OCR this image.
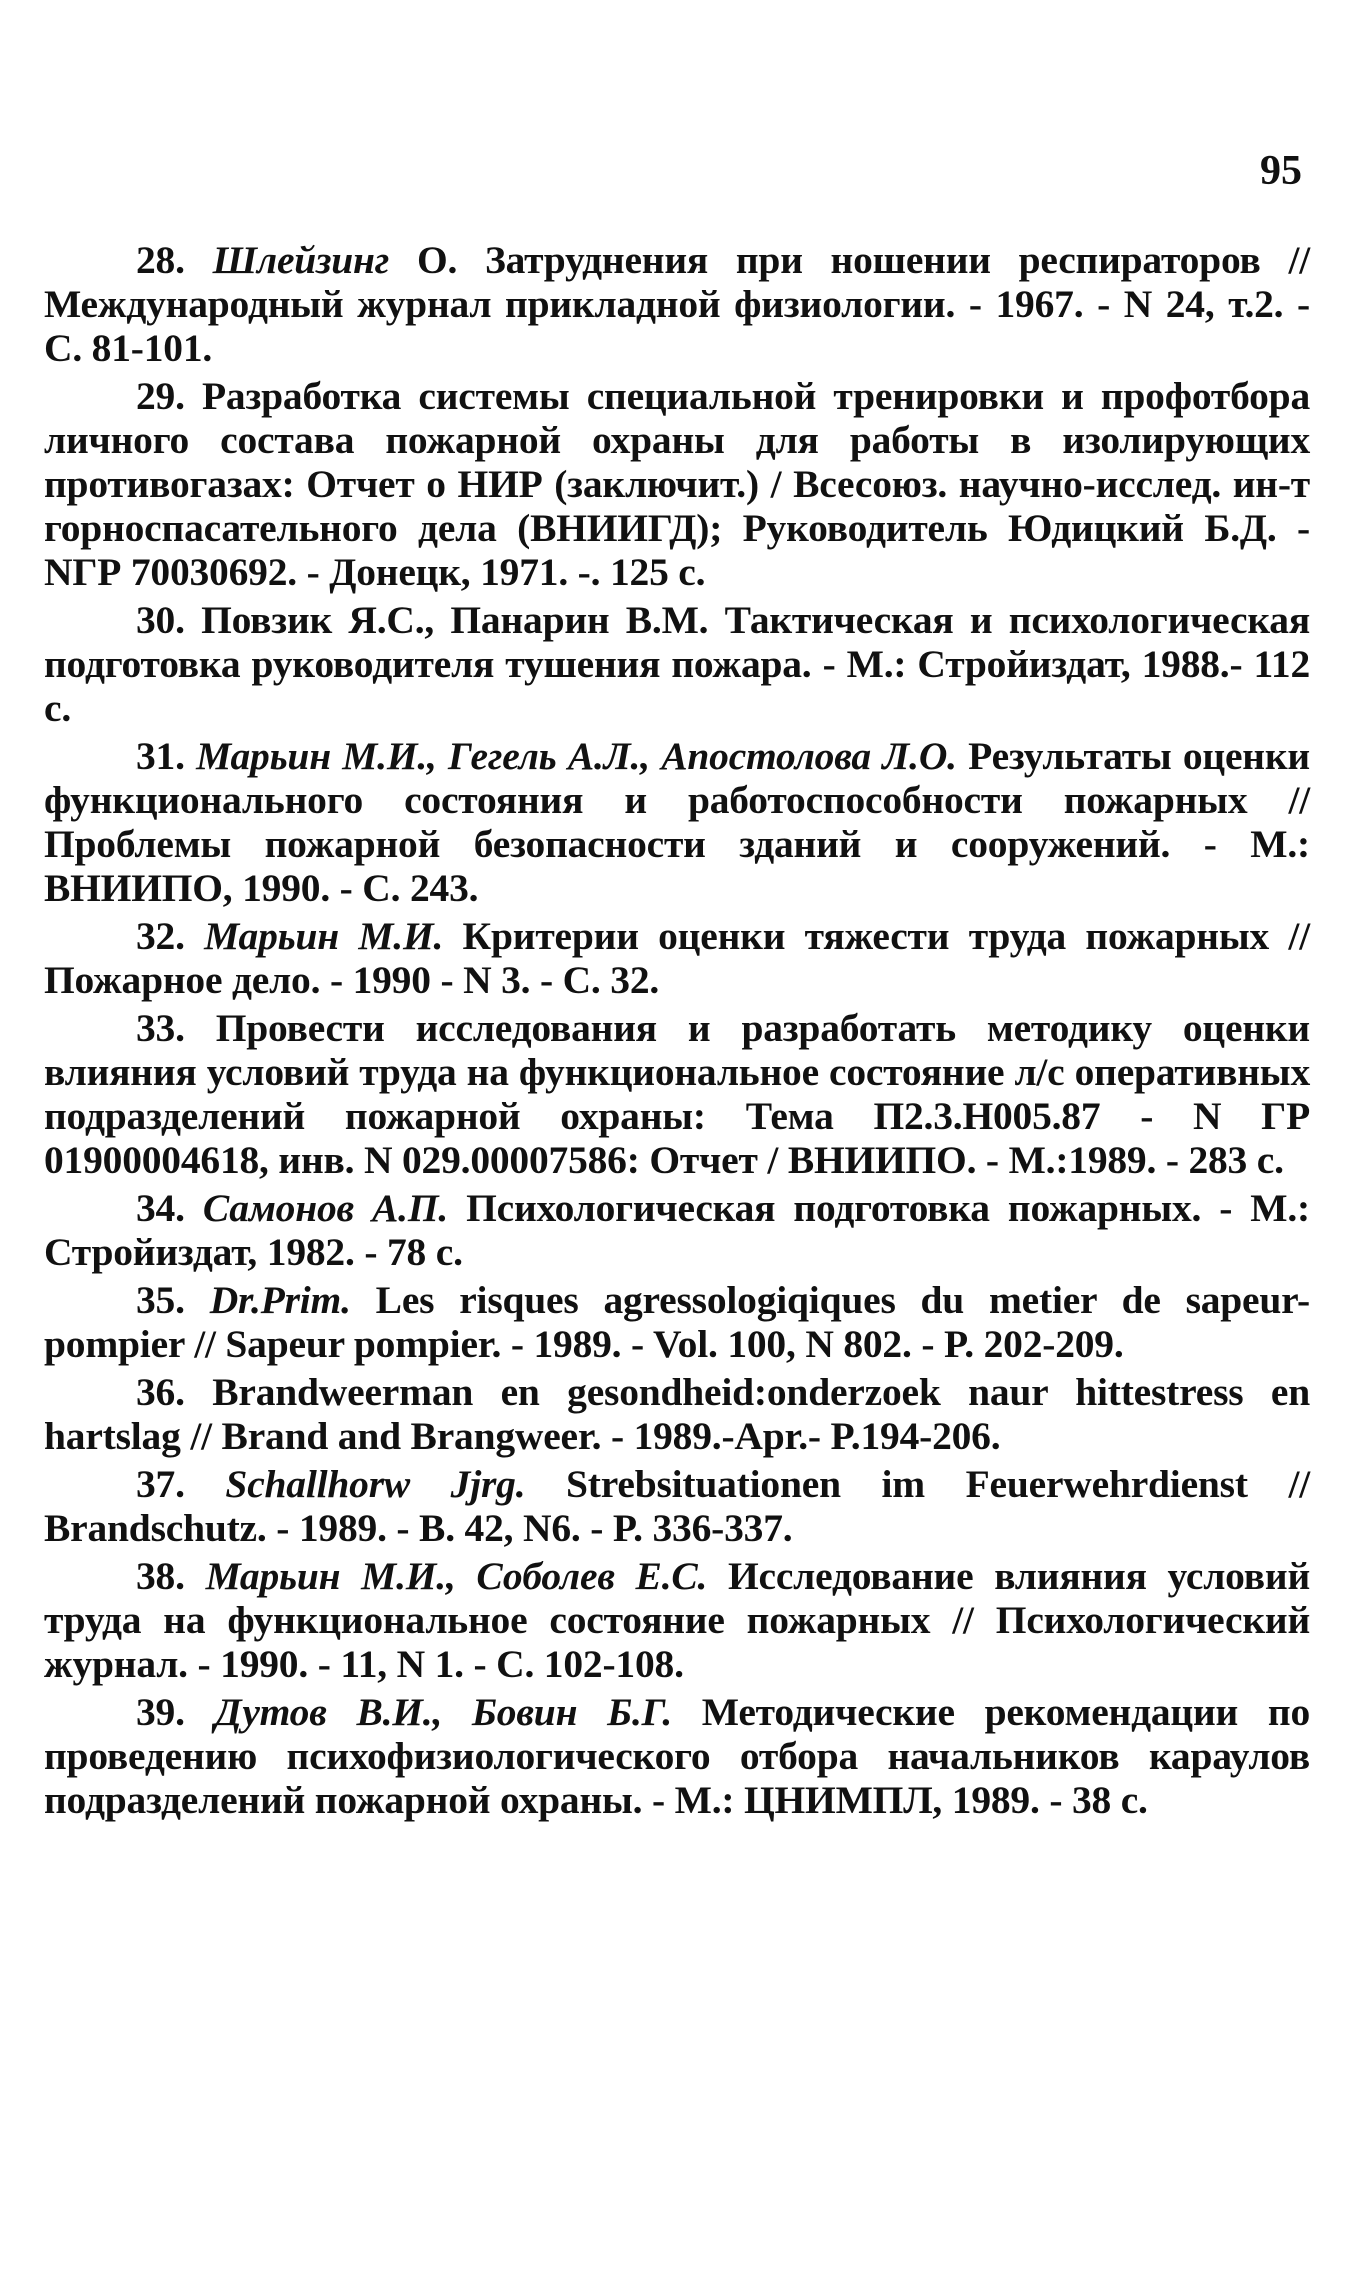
95

28. Шлейзинг О. Затруднения при ношении респираторов // Международный журнал прикладной физиологии. - 1967. - N 24, т.2. - С. 81-101.

29. Разработка системы специальной тренировки и профотбора личного состава пожарной охраны для работы в изолирующих противогазах: Отчет о НИР (заключит.) / Всесоюз. научно-исслед. ин-т горноспасательного дела (ВНИИГД); Руководитель Юдицкий Б.Д. - NГР 70030692. - Донецк, 1971. -. 125 с.

30. Повзик Я.С., Панарин В.М. Тактическая и психологическая подготовка руководителя тушения пожара. - М.: Стройиздат, 1988.- 112 с.

31. Марьин М.И., Гегель А.Л., Апостолова Л.О. Результаты оценки функционального состояния и работоспособности пожарных // Проблемы пожарной безопасности зданий и сооружений. - М.: ВНИИПО, 1990. - С. 243.

32. Марьин М.И. Критерии оценки тяжести труда пожарных // Пожарное дело. - 1990 - N 3. - С. 32.

33. Провести исследования и разработать методику оценки влияния условий труда на функциональное состояние л/с оперативных подразделений пожарной охраны: Тема П2.3.Н005.87 - N ГР 01900004618, инв. N 029.00007586: Отчет / ВНИИПО. - М.:1989. - 283 с.

34. Самонов А.П. Психологическая подготовка пожарных. - М.: Стройиздат, 1982. - 78 с.

35. Dr.Prim. Les risques agressologiqiques du metier de sapeur-pompier // Sapeur pompier. - 1989. - Vol. 100, N 802. - P. 202-209.

36. Brandweerman en gesondheid:onderzoek naur hittestress en hartslag // Brand and Brangweer. - 1989.-Apr.- P.194-206.

37. Schallhorw Jjrg. Strebsituationen im Feuerwehrdienst // Brandschutz. - 1989. - B. 42, N6. - P. 336-337.

38. Марьин М.И., Соболев Е.С. Исследование влияния условий труда на функциональное состояние пожарных // Психологический журнал. - 1990. - 11, N 1. - С. 102-108.

39. Дутов В.И., Бовин Б.Г. Методические рекомендации по проведению психофизиологического отбора начальников караулов подразделений пожарной охраны. - М.: ЦНИМПЛ, 1989. - 38 с.
